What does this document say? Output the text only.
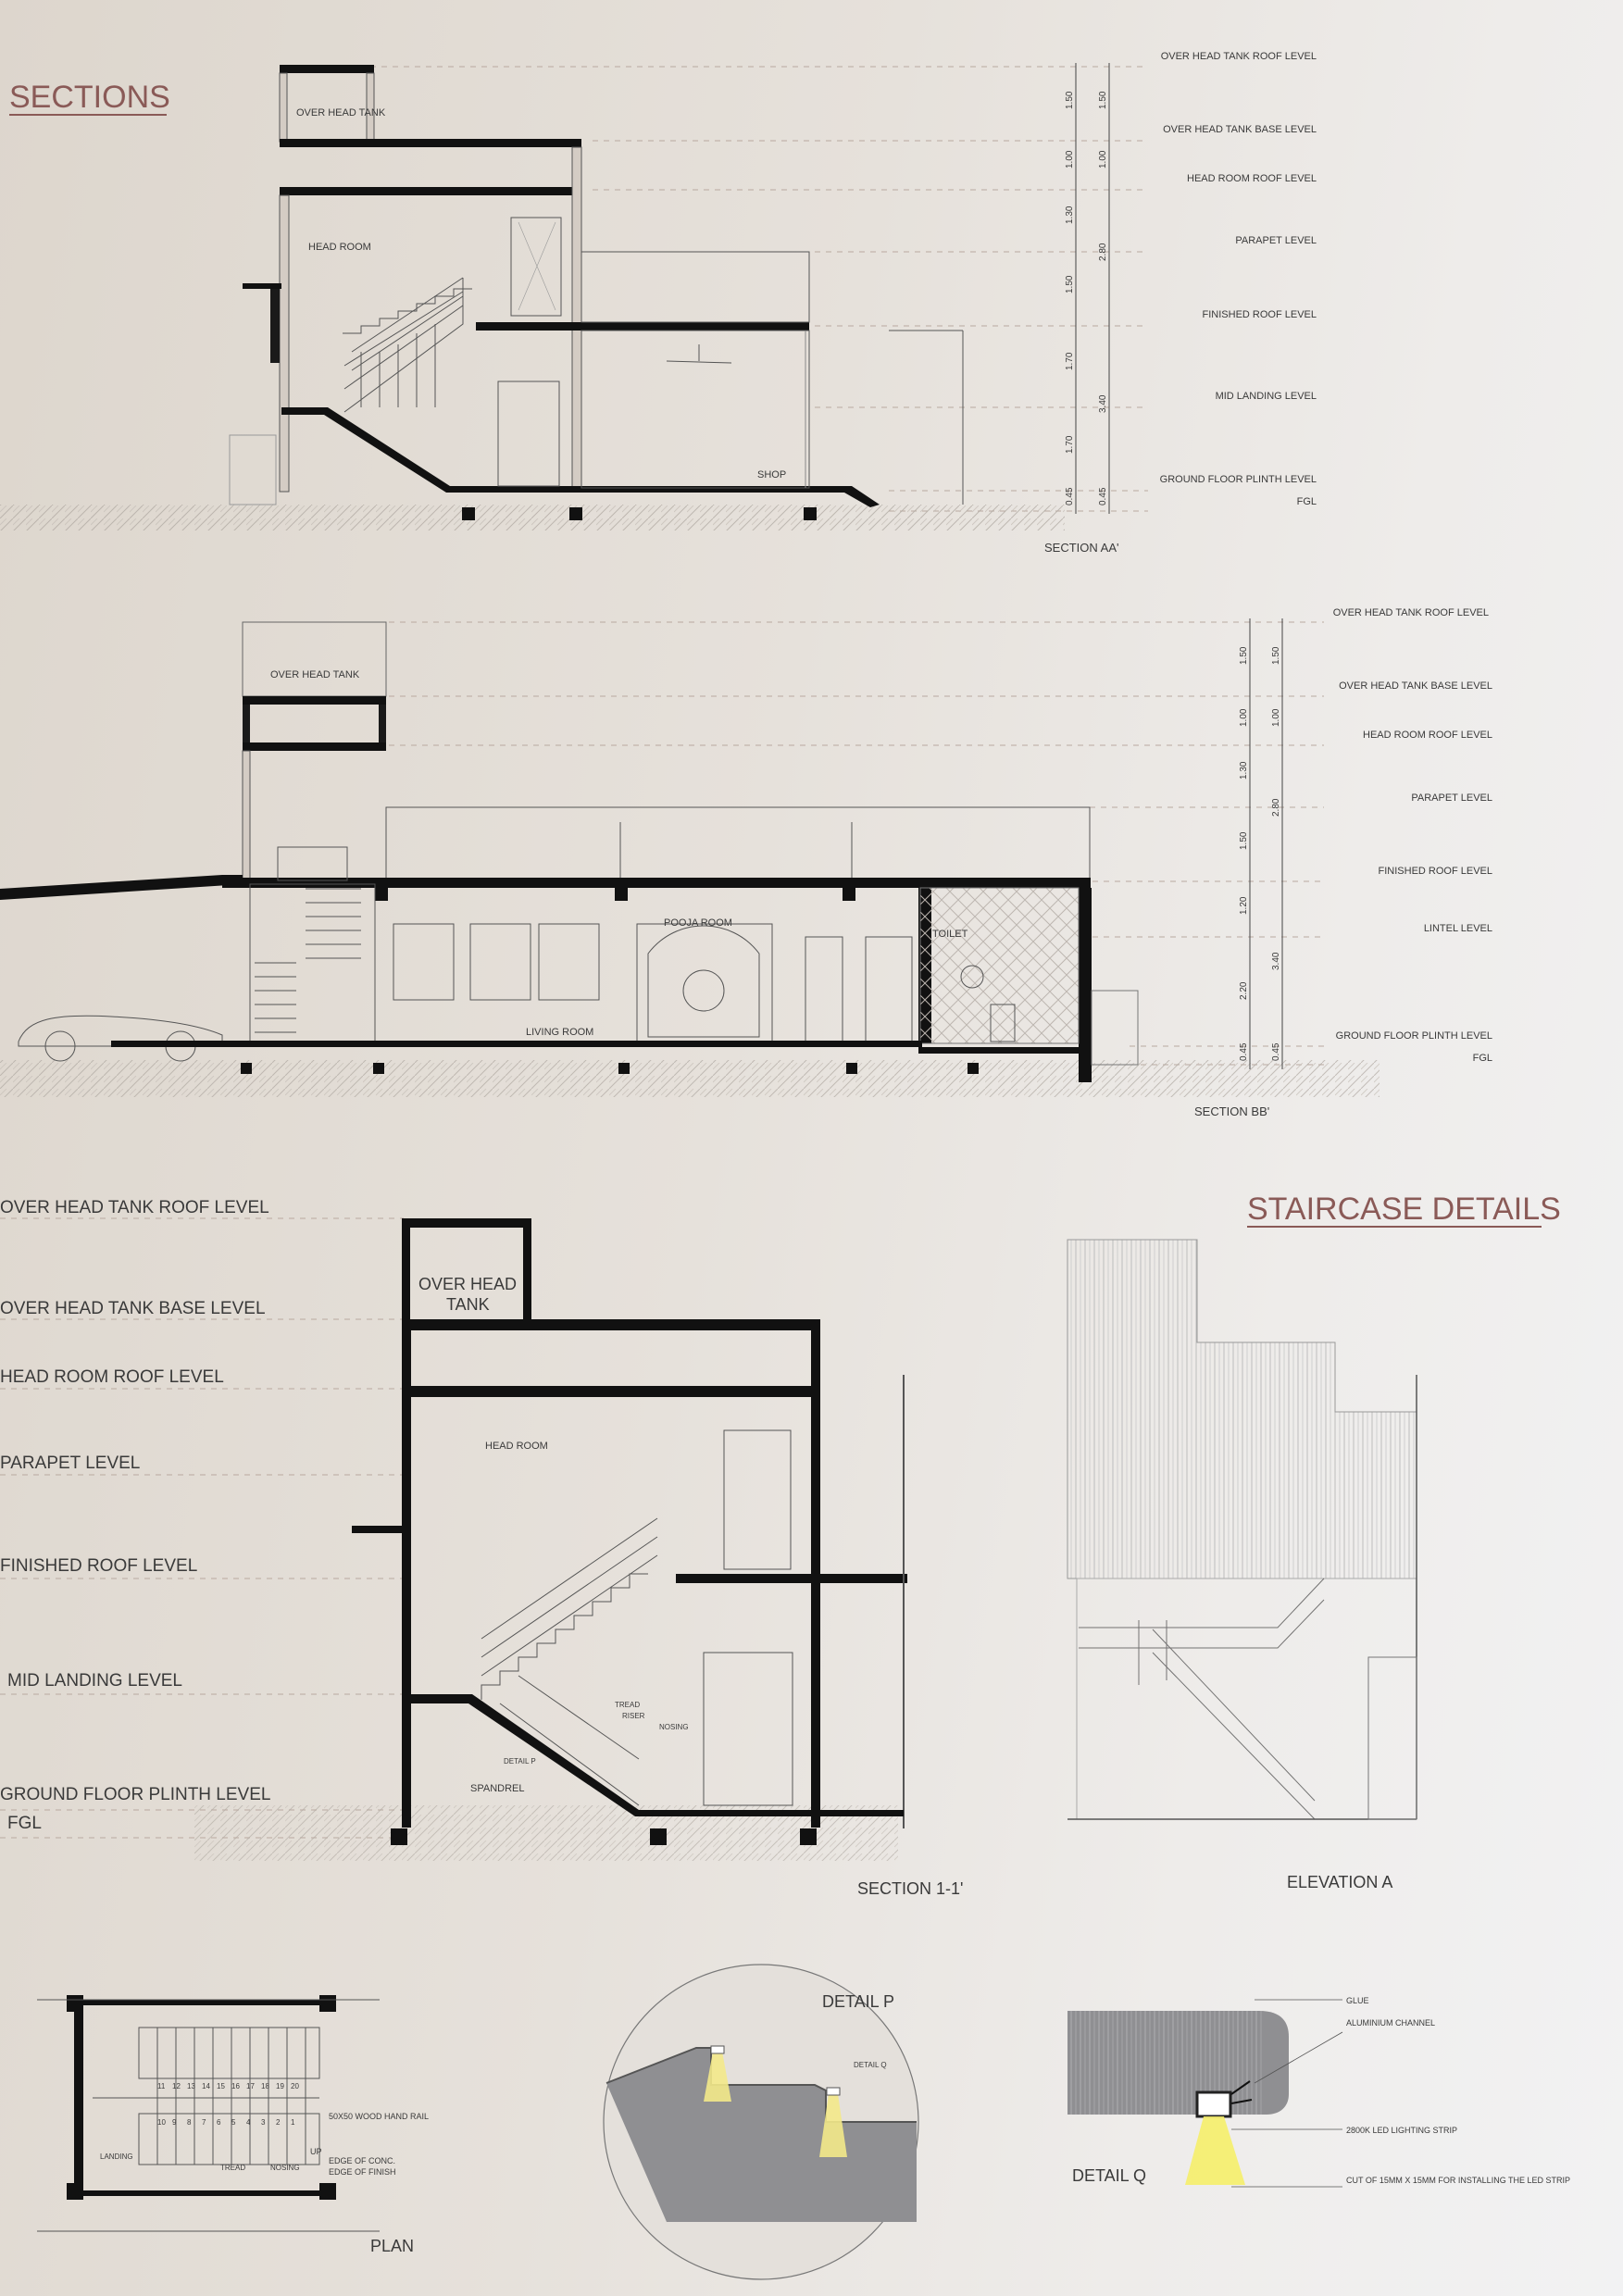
SECTIONS
STAIRCASE DETAILS
OVER HEAD TANK
HEAD ROOM
SHOP
SECTION AA'
OVER HEAD TANK ROOF LEVEL
OVER HEAD TANK BASE LEVEL
HEAD ROOM ROOF LEVEL
PARAPET LEVEL
FINISHED ROOF LEVEL
MID LANDING LEVEL
GROUND FLOOR PLINTH LEVEL
FGL
1.50
1.00
1.30
1.50
1.70
1.70
0.45
1.50
1.00
2.80
3.40
0.45
OVER HEAD TANK
POOJA ROOM
TOILET
LIVING ROOM
SECTION BB'
OVER HEAD TANK ROOF LEVEL
OVER HEAD TANK BASE LEVEL
HEAD ROOM ROOF LEVEL
PARAPET LEVEL
FINISHED ROOF LEVEL
LINTEL LEVEL
GROUND FLOOR PLINTH LEVEL
FGL
1.50
1.00
1.30
1.50
1.20
2.20
0.45
1.50
1.00
2.80
3.40
0.45
OVER HEAD TANK ROOF LEVEL
OVER HEAD TANK BASE LEVEL
HEAD ROOM ROOF LEVEL
PARAPET LEVEL
FINISHED ROOF LEVEL
MID LANDING LEVEL
GROUND FLOOR PLINTH LEVEL
FGL
OVER HEAD
TANK
HEAD ROOM
SPANDREL
TREAD
RISER
NOSING
DETAIL P
SECTION 1-1'	ELEVATION A
11 12 13 14 15 16 17 18 19 20
10 9 8 7 6 5 4 3 2 1
50X50 WOOD HAND RAIL
UP
EDGE OF CONC.
EDGE OF FINISH
LANDING
TREAD	NOSING
PLAN
DETAIL P
DETAIL Q
DETAIL Q
GLUE
ALUMINIUM CHANNEL
2800K LED LIGHTING STRIP
CUT OF 15MM X 15MM FOR INSTALLING THE LED STRIP
